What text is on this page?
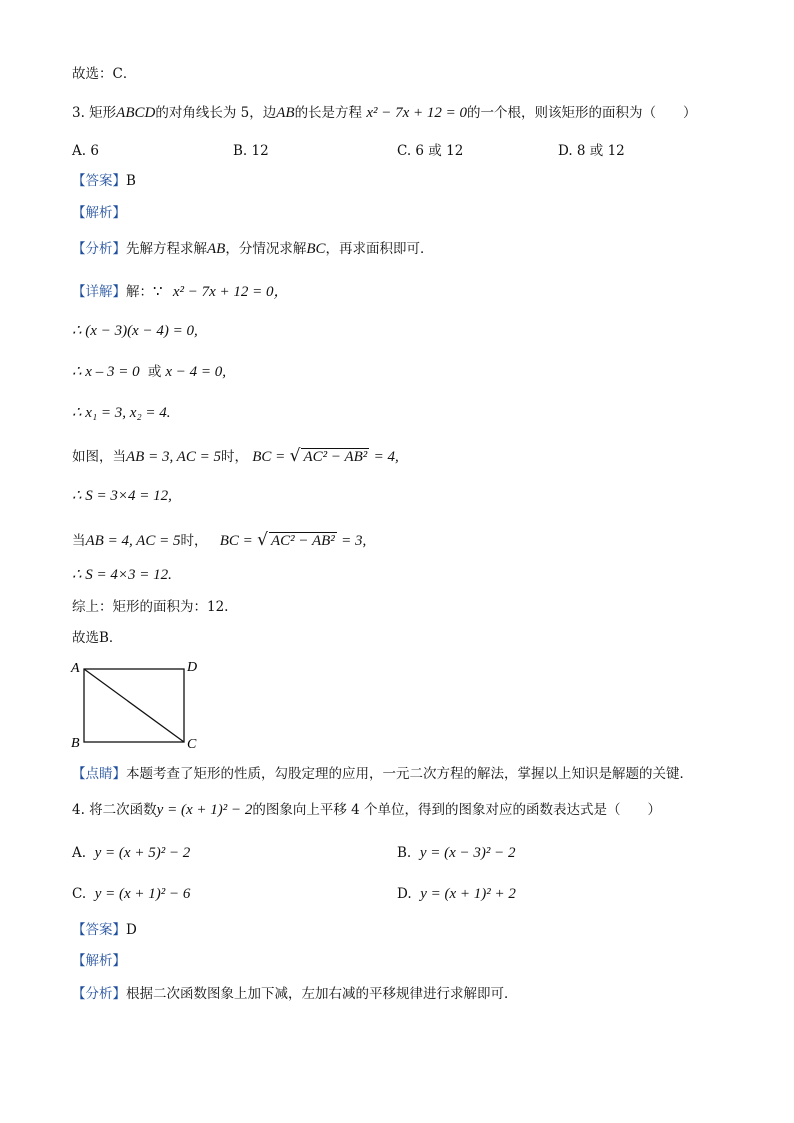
故选：C．
3. 矩形ABCD的对角线长为 5，边AB的长是方程 x² − 7x + 12 = 0的一个根，则该矩形的面积为（　　）
A. 6	B. 12	C. 6 或 12	D. 8 或 12
【答案】B
【解析】
【分析】先解方程求解AB，分情况求解BC，再求面积即可．
【详解】解：∵ x² − 7x + 12 = 0，
∴ (x − 3)(x − 4) = 0,
∴ x – 3 = 0 或 x − 4 = 0,
∴ x₁ = 3, x₂ = 4.
如图，当AB = 3, AC = 5时， BC = √ AC² − AB² = 4,
∴ S = 3×4 = 12,
当AB = 4, AC = 5时， BC = √ AC² − AB² = 3,
∴ S = 4×3 = 12.
综上：矩形的面积为：12.
故选B．
A	D
B	C
【点睛】本题考查了矩形的性质，勾股定理的应用，一元二次方程的解法，掌握以上知识是解题的关键．
4. 将二次函数y = (x + 1)² − 2的图象向上平移 4 个单位，得到的图象对应的函数表达式是（　　）
A. y = (x + 5)² − 2	B. y = (x − 3)² − 2
C. y = (x + 1)² − 6	D. y = (x + 1)² + 2
【答案】D
【解析】
【分析】根据二次函数图象上加下减，左加右减的平移规律进行求解即可．
